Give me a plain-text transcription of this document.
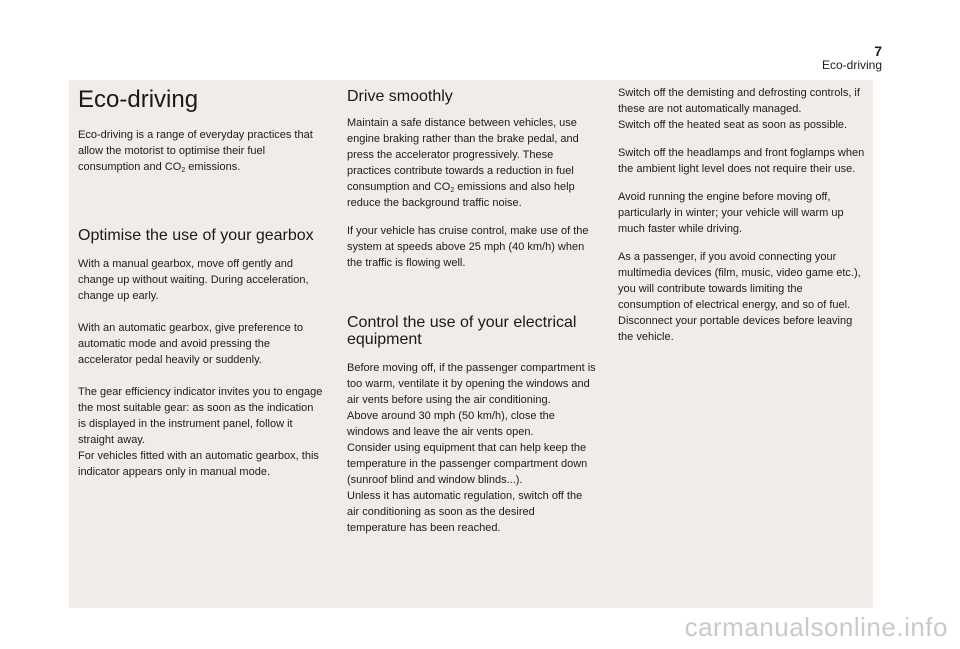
7
Eco-driving
Eco-driving

Eco-driving is a range of everyday practices that allow the motorist to optimise their fuel consumption and $CO_2$ emissions.

Optimise the use of your gearbox

With a manual gearbox, move off gently and change up without waiting. During acceleration, change up early.

With an automatic gearbox, give preference to automatic mode and avoid pressing the accelerator pedal heavily or suddenly.

The gear efficiency indicator invites you to engage the most suitable gear: as soon as the indication is displayed in the instrument panel, follow it straight away.

For vehicles fitted with an automatic gearbox, this indicator appears only in manual mode.

Drive smoothly

Maintain a safe distance between vehicles, use engine braking rather than the brake pedal, and press the accelerator progressively. These practices contribute towards a reduction in fuel consumption and $CO_2$ emissions and also help reduce the background traffic noise.

If your vehicle has cruise control, make use of the system at speeds above 25 mph (40 km/h) when the traffic is flowing well.

Control the use of your electrical equipment

Before moving off, if the passenger compartment is too warm, ventilate it by opening the windows and air vents before using the air conditioning.

Above around 30 mph (50 km/h), close the windows and leave the air vents open.

Consider using equipment that can help keep the temperature in the passenger compartment down (sunroof blind and window blinds...).

Unless it has automatic regulation, switch off the air conditioning as soon as the desired temperature has been reached.

Switch off the demisting and defrosting controls, if these are not automatically managed.

Switch off the heated seat as soon as possible.

Switch off the headlamps and front foglamps when the ambient light level does not require their use.

Avoid running the engine before moving off, particularly in winter; your vehicle will warm up much faster while driving.

As a passenger, if you avoid connecting your multimedia devices (film, music, video game etc.), you will contribute towards limiting the consumption of electrical energy, and so of fuel.

Disconnect your portable devices before leaving the vehicle.

carmanualsonline.info
